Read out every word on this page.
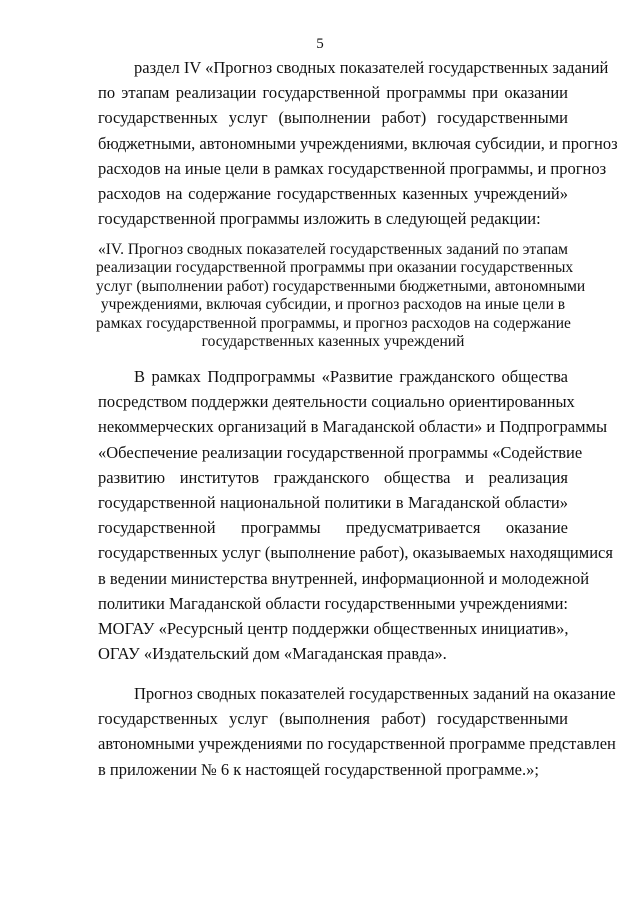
5
раздел IV «Прогноз сводных показателей государственных заданий
по этапам реализации государственной программы при оказании
государственных услуг (выполнении работ) государственными
бюджетными, автономными учреждениями, включая субсидии, и прогноз
расходов на иные цели в рамках государственной программы, и прогноз
расходов на содержание государственных казенных учреждений»
государственной программы изложить в следующей редакции:
«IV. Прогноз сводных показателей государственных заданий по этапам
реализации государственной программы при оказании государственных
услуг (выполнении работ) государственными бюджетными, автономными
учреждениями, включая субсидии, и прогноз расходов на иные цели в
рамках государственной программы, и прогноз расходов на содержание
государственных казенных учреждений
В рамках Подпрограммы «Развитие гражданского общества
посредством поддержки деятельности социально ориентированных
некоммерческих организаций в Магаданской области» и Подпрограммы
«Обеспечение реализации государственной программы «Содействие
развитию институтов гражданского общества и реализация
государственной национальной политики в Магаданской области»
государственной программы предусматривается оказание
государственных услуг (выполнение работ), оказываемых находящимися
в ведении министерства внутренней, информационной и молодежной
политики Магаданской области государственными учреждениями:
МОГАУ «Ресурсный центр поддержки общественных инициатив»,
ОГАУ «Издательский дом «Магаданская правда».
Прогноз сводных показателей государственных заданий на оказание
государственных услуг (выполнения работ) государственными
автономными учреждениями по государственной программе представлен
в приложении № 6 к настоящей государственной программе.»;
